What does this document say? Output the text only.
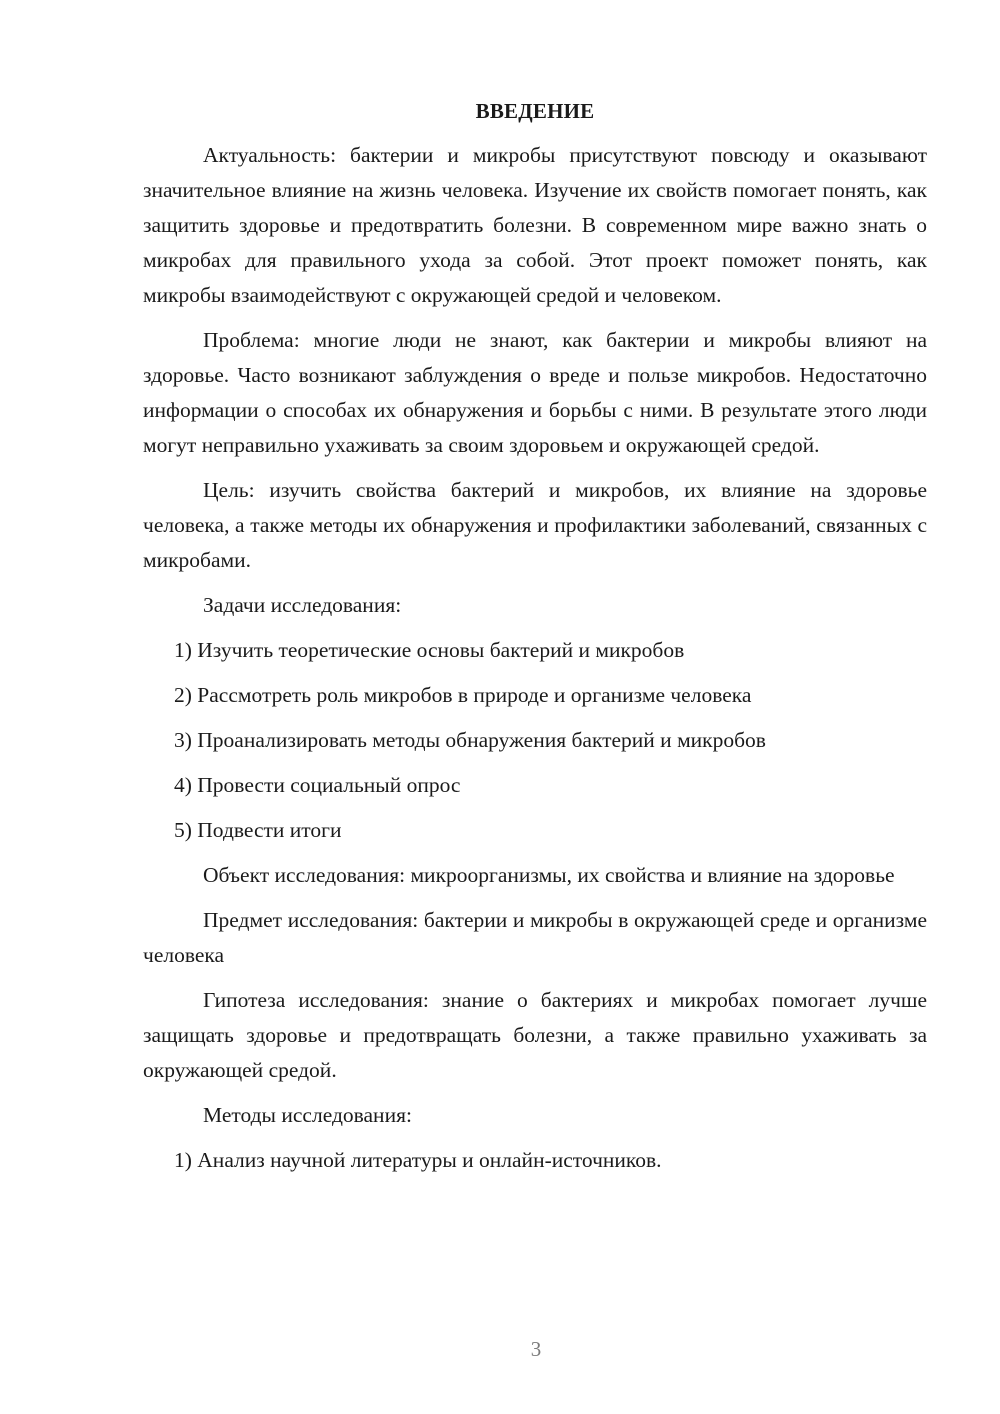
ВВЕДЕНИЕ

Актуальность: бактерии и микробы присутствуют повсюду и оказывают значительное влияние на жизнь человека. Изучение их свойств помогает понять, как защитить здоровье и предотвратить болезни. В современном мире важно знать о микробах для правильного ухода за собой. Этот проект поможет понять, как микробы взаимодействуют с окружающей средой и человеком.

Проблема: многие люди не знают, как бактерии и микробы влияют на здоровье. Часто возникают заблуждения о вреде и пользе микробов. Недостаточно информации о способах их обнаружения и борьбы с ними. В результате этого люди могут неправильно ухаживать за своим здоровьем и окружающей средой.

Цель: изучить свойства бактерий и микробов, их влияние на здоровье человека, а также методы их обнаружения и профилактики заболеваний, связанных с микробами.

Задачи исследования:

1) Изучить теоретические основы бактерий и микробов
2) Рассмотреть роль микробов в природе и организме человека
3) Проанализировать методы обнаружения бактерий и микробов
4) Провести социальный опрос
5) Подвести итоги

Объект исследования: микроорганизмы, их свойства и влияние на здоровье

Предмет исследования: бактерии и микробы в окружающей среде и организме человека

Гипотеза исследования: знание о бактериях и микробах помогает лучше защищать здоровье и предотвращать болезни, а также правильно ухаживать за окружающей средой.

Методы исследования:

1) Анализ научной литературы и онлайн-источников.
3
